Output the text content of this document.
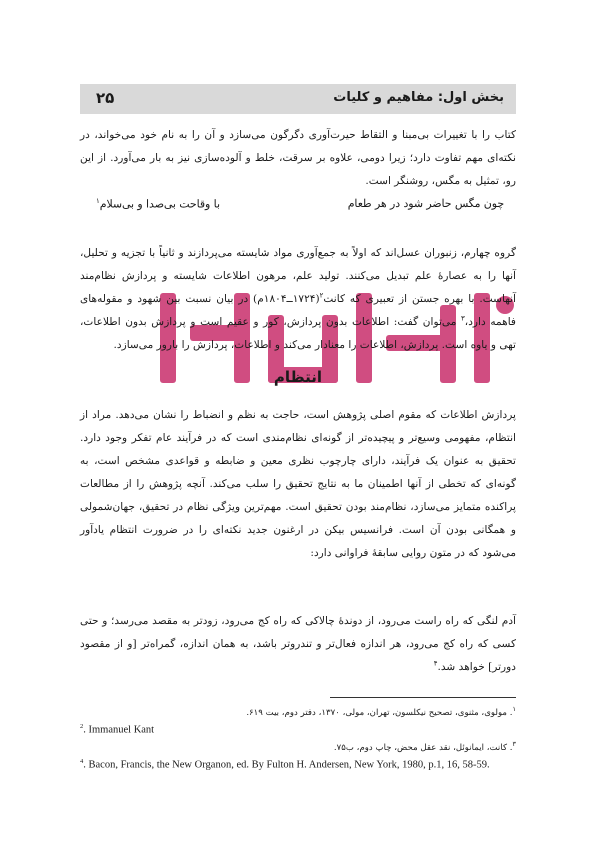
بخش اول: مفاهیم و کلیات
۲۵
کتاب را با تغییرات بی‌مبنا و التقاط حیرت‌آوری دگرگون می‌سازد و آن را به نام خود می‌خواند، در نکته‌ای مهم تفاوت دارد؛ زیرا دومی، علاوه بر سرقت، خلط و آلوده‌سازی نیز به بار می‌آورد. از این رو، تمثیل به مگس، روشنگر است.
چون مگس حاضر شود در هر طعام
با وقاحت بی‌صدا و بی‌سلام$^۱$
گروه چهارم، زنبوران عسل‌اند که اولاً به جمع‌آوری مواد شایسته می‌پردازند و ثانیاً با تجزیه و تحلیل، آنها را به عصارهٔ علم تبدیل می‌کنند. تولید علم، مرهون اطلاعات شایسته و پردازش نظام‌مند آنهاست. با بهره جستن از تعبیری که کانت$^۲$(۱۷۲۴ــ۱۸۰۴م) در بیان نسبت بین شهود و مقوله‌های فاهمه دارد،$^۳$ می‌توان گفت: اطلاعات بدون پردازش، کور و عقیم است و پردازش بدون اطلاعات، تهی و یاوه است. پردازش، اطلاعات را معنادار می‌کند و اطلاعات، پردازش را بارور می‌سازد.
انتظام
پردازش اطلاعات که مقوم اصلی پژوهش است، حاجت به نظم و انضباط را نشان می‌دهد. مراد از انتظام، مفهومی وسیع‌تر و پیچیده‌تر از گونه‌ای نظام‌مندی است که در فرآیند عام تفکر وجود دارد. تحقیق به عنوان یک فرآیند، دارای چارچوب نظری معین و ضابطه و قواعدی مشخص است، به گونه‌ای که تخطی از آنها اطمینان ما به نتایج تحقیق را سلب می‌کند. آنچه پژوهش را از مطالعات پراکنده متمایز می‌سازد، نظام‌مند بودن تحقیق است. مهم‌ترین ویژگی نظام در تحقیق، جهان‌شمولی و همگانی بودن آن است. فرانسیس بیکن در ارغنون جدید نکته‌ای را در ضرورت انتظام یادآور می‌شود که در متون روایی سابقهٔ فراوانی دارد:
آدم لنگی که راه راست می‌رود، از دوندهٔ چالاکی که راه کج می‌رود، زودتر به مقصد می‌رسد؛ و حتی کسی که راه کج می‌رود، هر اندازه فعال‌تر و تندروتر باشد، به همان اندازه، گمراه‌تر [و از مقصود دورتر] خواهد شد.$^۴$
$^۱$. مولوی، مثنوی، تصحیح نیکلسون، تهران، مولی، ۱۳۷۰، دفتر دوم، بیت ۶۱۹.
$^2$. Immanuel Kant
$^۳$. کانت، ایمانوئل، نقد عقل محض، چاپ دوم، ب۷۵.
$^4$. Bacon, Francis, the New Organon, ed. By Fulton H. Andersen, New York, 1980, p.1, 16, 58-59.
